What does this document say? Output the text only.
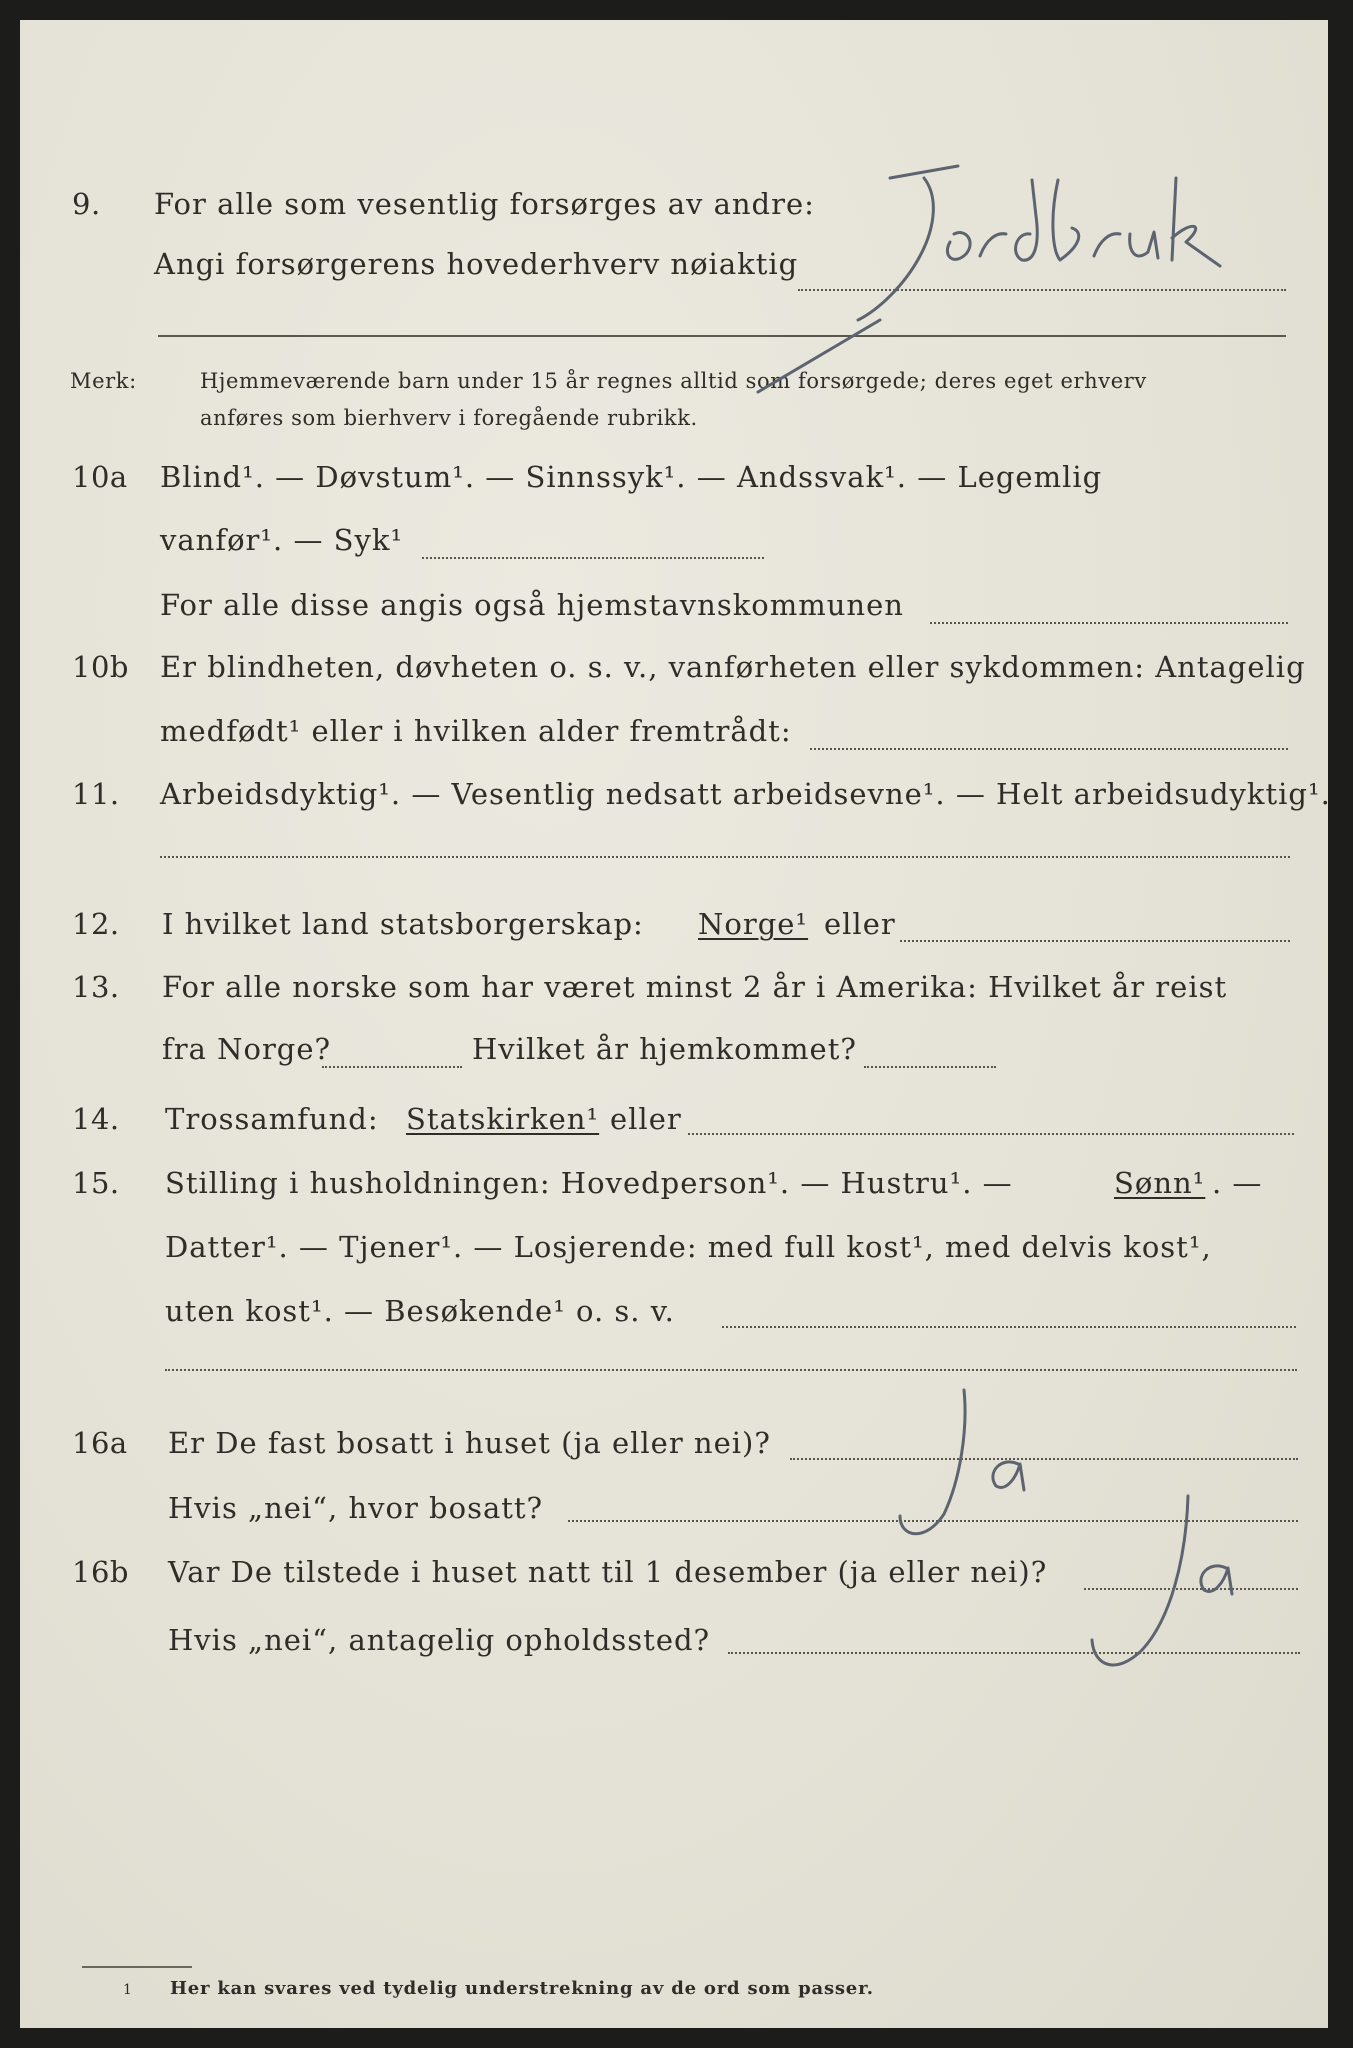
9. For alle som vesentlig forsørges av andre:
Angi forsørgerens hovederhverv nøiaktig
Merk:	Hjemmeværende barn under 15 år regnes alltid som forsørgede; deres eget erhverv
anføres som bierhverv i foregående rubrikk.
10a Blind¹. — Døvstum¹. — Sinnssyk¹. — Andssvak¹. — Legemlig
vanfør¹. — Syk¹
For alle disse angis også hjemstavnskommunen
10b Er blindheten, døvheten o. s. v., vanførheten eller sykdommen: Antagelig
medfødt¹ eller i hvilken alder fremtrådt:
11. Arbeidsdyktig¹. — Vesentlig nedsatt arbeidsevne¹. — Helt arbeidsudyktig¹.
12. I hvilket land statsborgerskap: Norge¹ eller
13. For alle norske som har været minst 2 år i Amerika: Hvilket år reist
fra Norge?	Hvilket år hjemkommet?
14. Trossamfund: Statskirken¹ eller
15. Stilling i husholdningen: Hovedperson¹. — Hustru¹. —	Sønn¹ . —
Datter¹. — Tjener¹. — Losjerende: med full kost¹, med delvis kost¹,
uten kost¹. — Besøkende¹ o. s. v.
16a Er De fast bosatt i huset (ja eller nei)?
Hvis „nei“, hvor bosatt?
16b Var De tilstede i huset natt til 1 desember (ja eller nei)?
Hvis „nei“, antagelig opholdssted?
1 Her kan svares ved tydelig understrekning av de ord som passer.
